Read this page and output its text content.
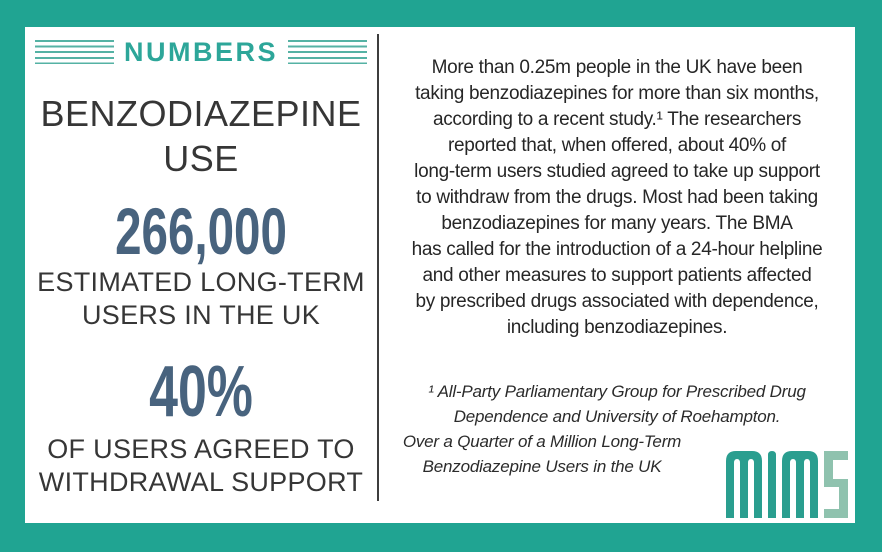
NUMBERS
BENZODIAZEPINE
USE
266,000
ESTIMATED LONG-TERM
USERS IN THE UK
40%
OF USERS AGREED TO
WITHDRAWAL SUPPORT
More than 0.25m people in the UK have been
taking benzodiazepines for more than six months,
according to a recent study.¹ The researchers
reported that, when offered, about 40% of
long-term users studied agreed to take up support
to withdraw from the drugs. Most had been taking
benzodiazepines for many years. The BMA
has called for the introduction of a 24-hour helpline
and other measures to support patients affected
by prescribed drugs associated with dependence,
including benzodiazepines.
¹ All-Party Parliamentary Group for Prescribed Drug
Dependence and University of Roehampton.
Over a Quarter of a Million Long-Term
Benzodiazepine Users in the UK
